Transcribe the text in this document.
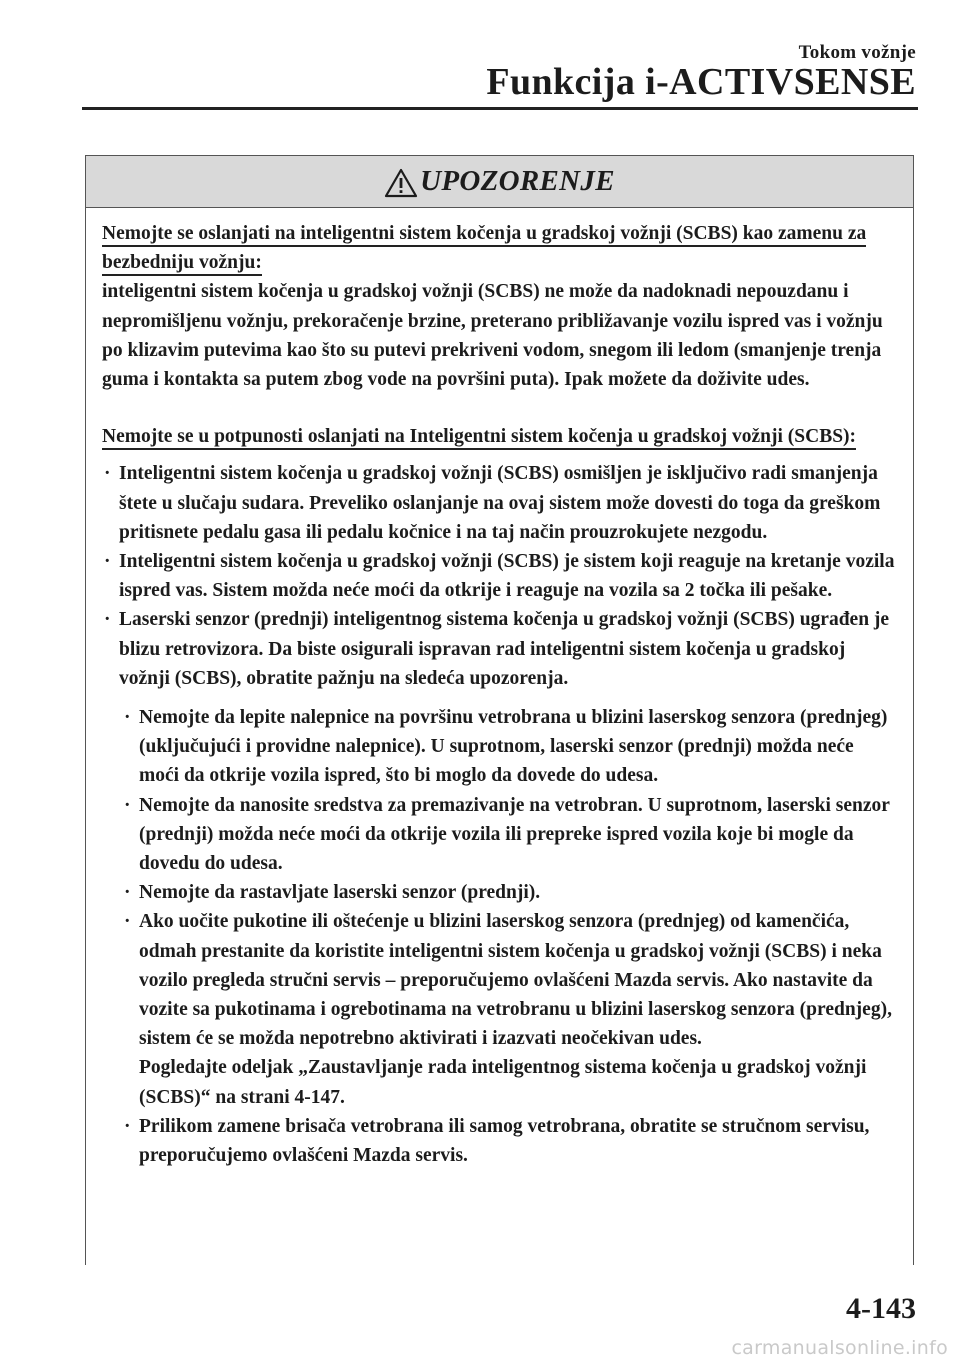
Tokom vožnje
Funkcija i-ACTIVSENSE
UPOZORENJE

Nemojte se oslanjati na inteligentni sistem kočenja u gradskoj vožnji (SCBS) kao zamenu za bezbedniju vožnju:

inteligentni sistem kočenja u gradskoj vožnji (SCBS) ne može da nadoknadi nepouzdanu i nepromišljenu vožnju, prekoračenje brzine, preterano približavanje vozilu ispred vas i vožnju po klizavim putevima kao što su putevi prekriveni vodom, snegom ili ledom (smanjenje trenja guma i kontakta sa putem zbog vode na površini puta). Ipak možete da doživite udes.

Nemojte se u potpunosti oslanjati na Inteligentni sistem kočenja u gradskoj vožnji (SCBS):

· Inteligentni sistem kočenja u gradskoj vožnji (SCBS) osmišljen je isključivo radi smanjenja štete u slučaju sudara. Preveliko oslanjanje na ovaj sistem može dovesti do toga da greškom pritisnete pedalu gasa ili pedalu kočnice i na taj način prouzrokujete nezgodu.
· Inteligentni sistem kočenja u gradskoj vožnji (SCBS) je sistem koji reaguje na kretanje vozila ispred vas. Sistem možda neće moći da otkrije i reaguje na vozila sa 2 točka ili pešake.
· Laserski senzor (prednji) inteligentnog sistema kočenja u gradskoj vožnji (SCBS) ugrađen je blizu retrovizora. Da biste osigurali ispravan rad inteligentni sistem kočenja u gradskoj vožnji (SCBS), obratite pažnju na sledeća upozorenja.
· Nemojte da lepite nalepnice na površinu vetrobrana u blizini laserskog senzora (prednjeg) (uključujući i providne nalepnice). U suprotnom, laserski senzor (prednji) možda neće moći da otkrije vozila ispred, što bi moglo da dovede do udesa.
· Nemojte da nanosite sredstva za premazivanje na vetrobran. U suprotnom, laserski senzor (prednji) možda neće moći da otkrije vozila ili prepreke ispred vozila koje bi mogle da dovedu do udesa.
· Nemojte da rastavljate laserski senzor (prednji).
· Ako uočite pukotine ili oštećenje u blizini laserskog senzora (prednjeg) od kamenčića, odmah prestanite da koristite inteligentni sistem kočenja u gradskoj vožnji (SCBS) i neka vozilo pregleda stručni servis – preporučujemo ovlašćeni Mazda servis. Ako nastavite da vozite sa pukotinama i ogrebotinama na vetrobranu u blizini laserskog senzora (prednjeg), sistem će se možda nepotrebno aktivirati i izazvati neočekivan udes.
Pogledajte odeljak „Zaustavljanje rada inteligentnog sistema kočenja u gradskoj vožnji (SCBS)“ na strani 4-147.
· Prilikom zamene brisača vetrobrana ili samog vetrobrana, obratite se stručnom servisu, preporučujemo ovlašćeni Mazda servis.
4-143
carmanualsonline.info
